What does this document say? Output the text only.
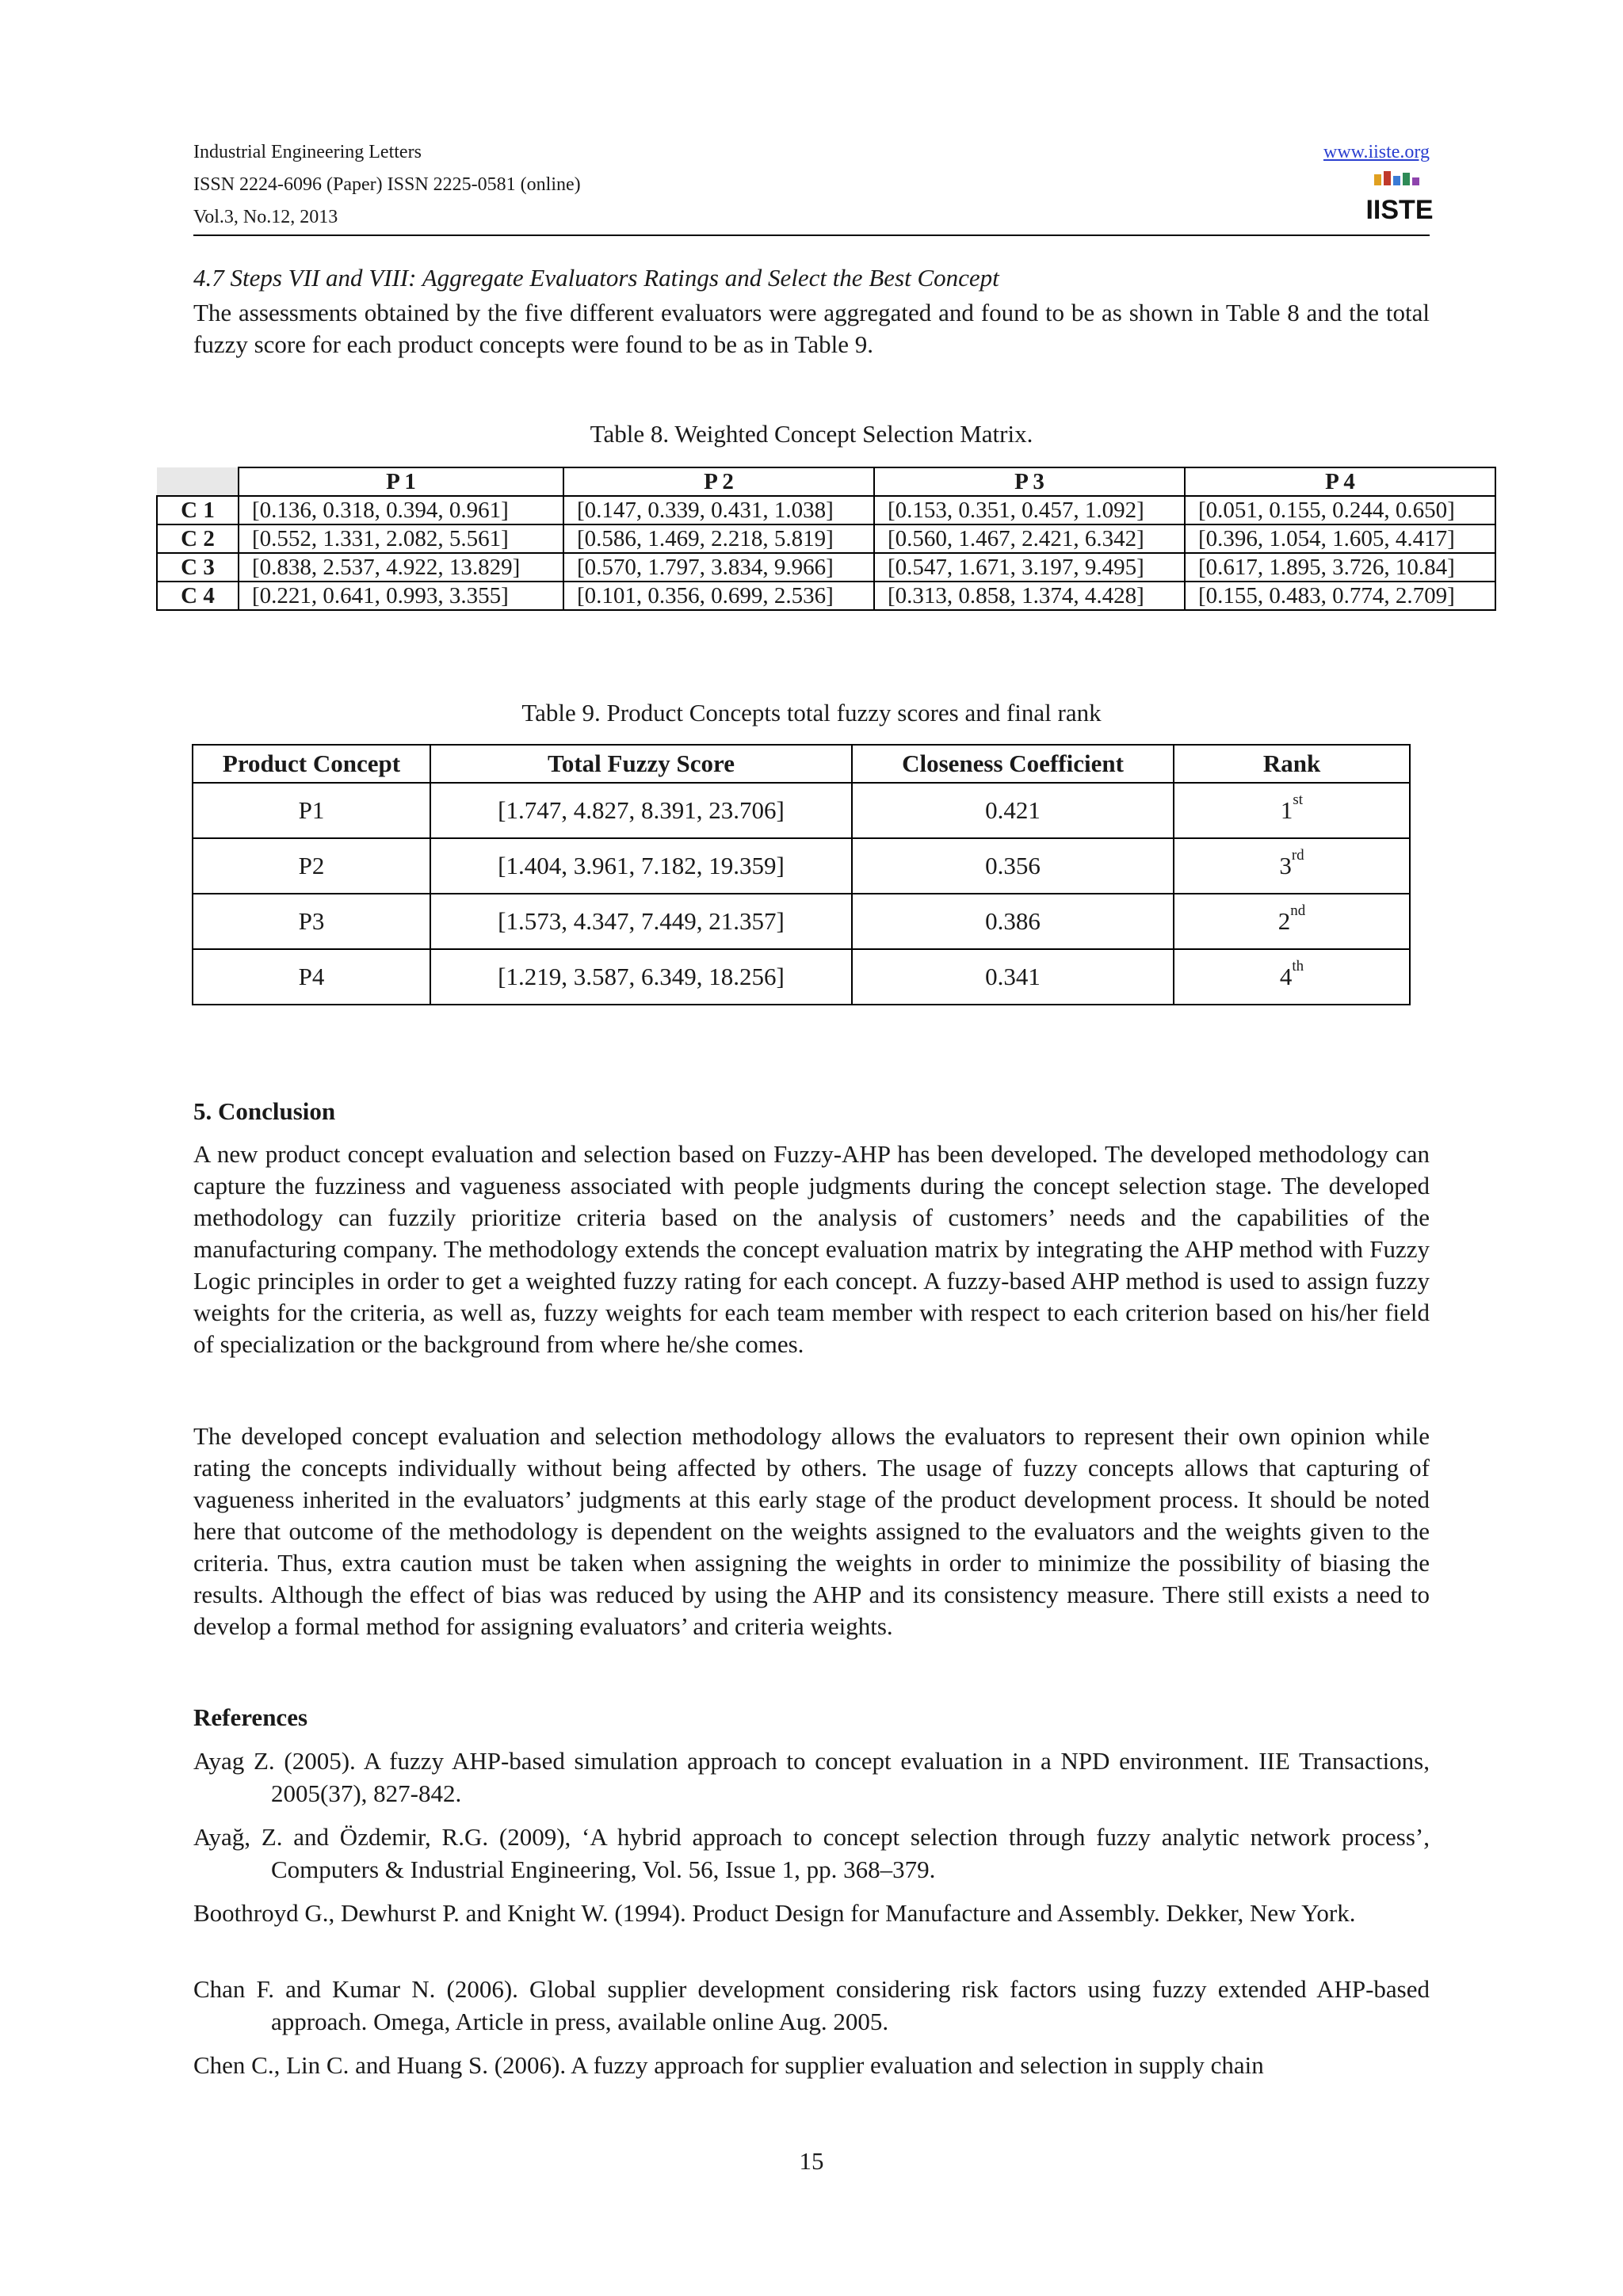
Industrial Engineering Letters
ISSN 2224-6096 (Paper) ISSN 2225-0581 (online)
Vol.3, No.12, 2013
www.iiste.org
IISTE
4.7 Steps VII and VIII: Aggregate Evaluators Ratings and Select the Best Concept
The assessments obtained by the five different evaluators were aggregated and found to be as shown in Table 8 and the total fuzzy score for each product concepts were found to be as in Table 9.
Table 8. Weighted Concept Selection Matrix.
	P 1	P 2	P 3	P 4
C 1	[0.136, 0.318, 0.394, 0.961]	[0.147, 0.339, 0.431, 1.038]	[0.153, 0.351, 0.457, 1.092]	[0.051, 0.155, 0.244, 0.650]
C 2	[0.552, 1.331, 2.082, 5.561]	[0.586, 1.469, 2.218, 5.819]	[0.560, 1.467, 2.421, 6.342]	[0.396, 1.054, 1.605, 4.417]
C 3	[0.838, 2.537, 4.922, 13.829]	[0.570, 1.797, 3.834, 9.966]	[0.547, 1.671, 3.197, 9.495]	[0.617, 1.895, 3.726, 10.84]
C 4	[0.221, 0.641, 0.993, 3.355]	[0.101, 0.356, 0.699, 2.536]	[0.313, 0.858, 1.374, 4.428]	[0.155, 0.483, 0.774, 2.709]
Table 9. Product Concepts total fuzzy scores and final rank
Product Concept	Total Fuzzy Score	Closeness Coefficient	Rank
P1	[1.747, 4.827, 8.391, 23.706]	0.421	1st
P2	[1.404, 3.961, 7.182, 19.359]	0.356	3rd
P3	[1.573, 4.347, 7.449, 21.357]	0.386	2nd
P4	[1.219, 3.587, 6.349, 18.256]	0.341	4th
5. Conclusion
A new product concept evaluation and selection based on Fuzzy-AHP has been developed. The developed methodology can capture the fuzziness and vagueness associated with people judgments during the concept selection stage. The developed methodology can fuzzily prioritize criteria based on the analysis of customers’ needs and the capabilities of the manufacturing company. The methodology extends the concept evaluation matrix by integrating the AHP method with Fuzzy Logic principles in order to get a weighted fuzzy rating for each concept. A fuzzy-based AHP method is used to assign fuzzy weights for the criteria, as well as, fuzzy weights for each team member with respect to each criterion based on his/her field of specialization or the background from where he/she comes.
The developed concept evaluation and selection methodology allows the evaluators to represent their own opinion while rating the concepts individually without being affected by others. The usage of fuzzy concepts allows that capturing of vagueness inherited in the evaluators’ judgments at this early stage of the product development process. It should be noted here that outcome of the methodology is dependent on the weights assigned to the evaluators and the weights given to the criteria. Thus, extra caution must be taken when assigning the weights in order to minimize the possibility of biasing the results. Although the effect of bias was reduced by using the AHP and its consistency measure. There still exists a need to develop a formal method for assigning evaluators’ and criteria weights.
References
Ayag Z. (2005). A fuzzy AHP-based simulation approach to concept evaluation in a NPD environment. IIE Transactions, 2005(37), 827-842.
Ayağ, Z. and Özdemir, R.G. (2009), ‘A hybrid approach to concept selection through fuzzy analytic network process’, Computers & Industrial Engineering, Vol. 56, Issue 1, pp. 368–379.
Boothroyd G., Dewhurst P. and Knight W. (1994). Product Design for Manufacture and Assembly. Dekker, New York.
Chan F. and Kumar N. (2006). Global supplier development considering risk factors using fuzzy extended AHP-based approach. Omega, Article in press, available online Aug. 2005.
Chen C., Lin C. and Huang S. (2006). A fuzzy approach for supplier evaluation and selection in supply chain
15
